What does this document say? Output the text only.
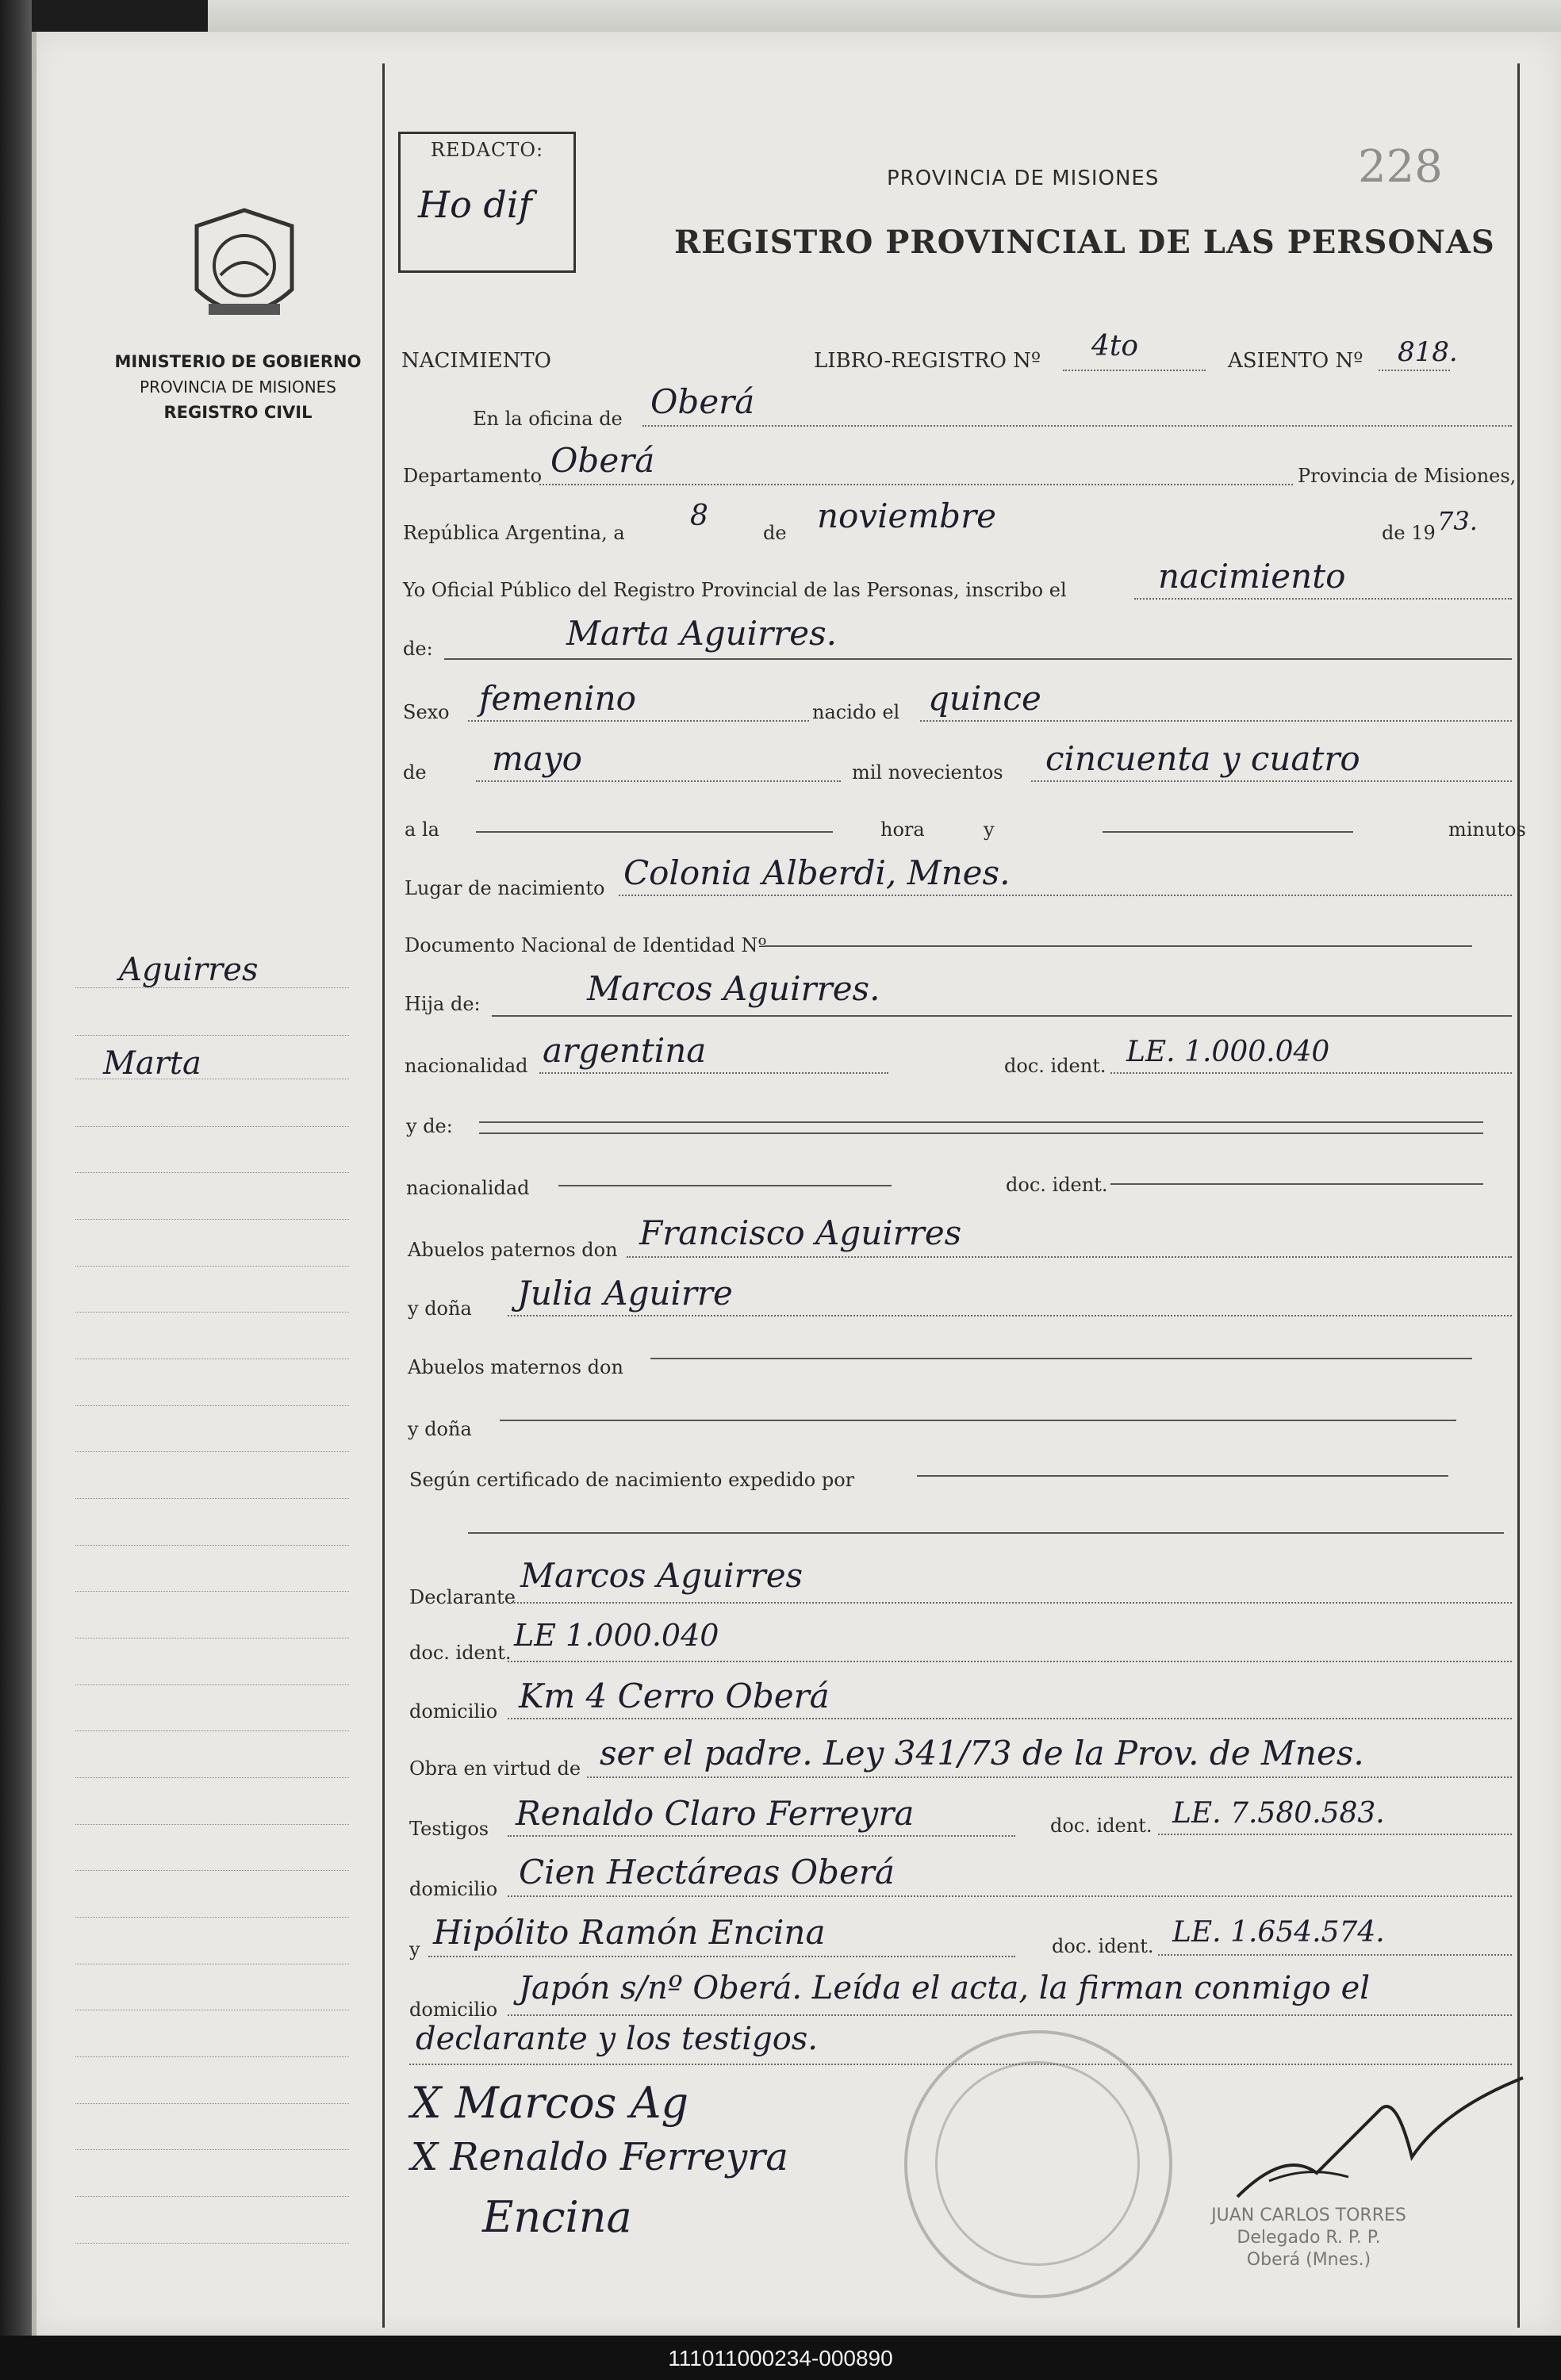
MINISTERIO DE GOBIERNO
PROVINCIA DE MISIONES
REGISTRO CIVIL
Aguirres
Marta
REDACTO:
Ho dif
PROVINCIA DE MISIONES	228
REGISTRO PROVINCIAL DE LAS PERSONAS
NACIMIENTO	LIBRO-REGISTRO Nº 4to	ASIENTO Nº 818.
En la oficina de Oberá
Departamento Oberá	Provincia de Misiones,
República Argentina, a
8
de noviembre	de 19 73.
Yo Oficial Público del Registro Provincial de las Personas, inscribo el	nacimiento
de:	Marta Aguirres.
Sexo femenino	nacido el quince
de mayo	mil novecientos cincuenta y cuatro
a la	hora	y	minutos
Lugar de nacimiento Colonia Alberdi, Mnes.
Documento Nacional de Identidad Nº
Hija de:	Marcos Aguirres.
nacionalidad argentina	doc. ident. LE. 1.000.040
y de:
nacionalidad	doc. ident.
Abuelos paternos don Francisco Aguirres
y doña Julia Aguirre
Abuelos maternos don
y doña
Según certificado de nacimiento expedido por
Declarante
Marcos Aguirres
doc. ident. LE 1.000.040
domicilio Km 4 Cerro Oberá
Obra en virtud de ser el padre. Ley 341/73 de la Prov. de Mnes.
Testigos Renaldo Claro Ferreyra	doc. ident. LE. 7.580.583.
domicilio Cien Hectáreas Oberá
y Hipólito Ramón Encina	doc. ident. LE. 1.654.574.
domicilio
Japón s/nº Oberá. Leída el acta, la firman conmigo el
declarante y los testigos.
X Marcos Ag
X Renaldo Ferreyra
Encina	JUAN CARLOS TORRES
Delegado R. P. P.
Oberá (Mnes.)
111011000234-000890
